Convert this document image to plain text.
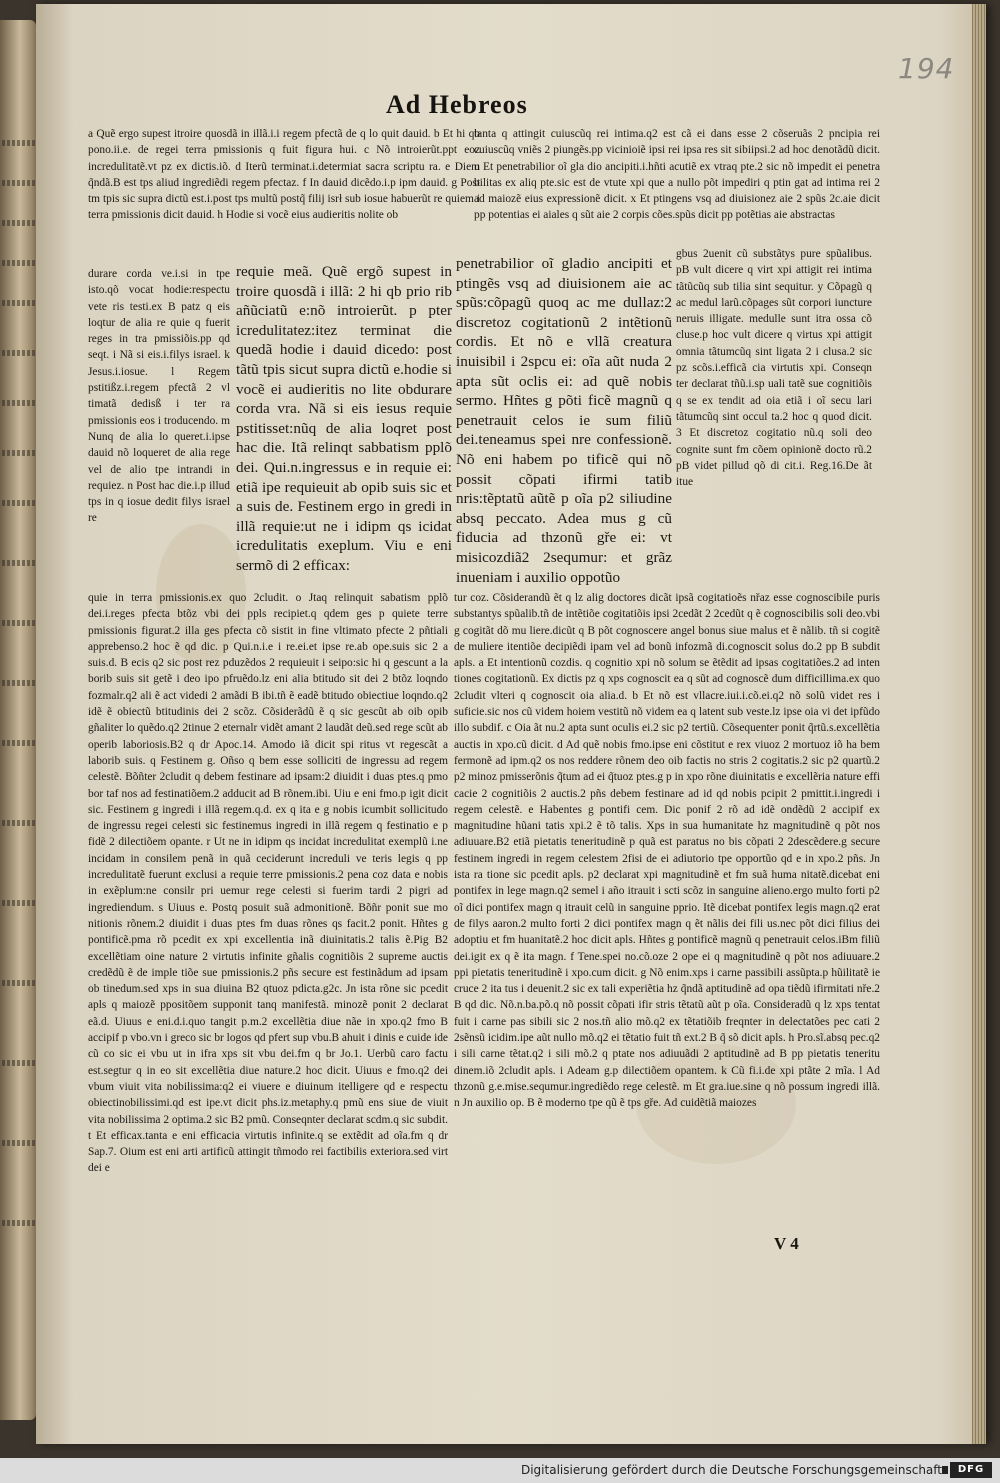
194
Ad Hebreos

a Quẽ ergo supest itroire quosdã in illã.i.i regem pfectã de q lo quit dauid. b Et hi qb pono.ii.e. de regei terra pmissionis q fuit figura hui. c Nõ introierũt.ppt eoz incredulitatẽ.vt pz ex dictis.iõ. d Iterũ terminat.i.determiat sacra scriptu ra. e Diem q̃ndã.B est tps aliud ingrediẽdi regem pfectaz. f In dauid dicẽdo.i.p ipm dauid. g Post tm tpis sic supra dictũ est.i.post tps multũ postq̃ filij isrł sub iosue habuerũt re quiem i terra pmissionis dicit dauid. h Hodie si vocẽ eius audieritis nolite ob

tanta q attingit cuiuscũq rei intima.q2 est cã ei dans esse 2 cõseruãs 2 pncipia rei cuiuscũq vniẽs 2 piungẽs.pp vicinioiẽ ipsi rei ipsa res sit sibiipsi.2 ad hoc denotãdũ dicit. u Et penetrabilior oĩ gla dio ancipiti.i.hñti acutiẽ ex vtraq pte.2 sic nõ impedit ei penetra bilitas ex aliq pte.sic est de vtute xpi que a nullo põt impediri q ptin gat ad intima rei 2 ad maiozẽ eius expressionẽ dicit. x Et ptingens vsq ad diuisionez aie 2 spũs 2c.aie dicit pp potentias ei aiales q sũt aie 2 corpis cões.spũs dicit pp potẽtias aie abstractas

durare corda ve.i.si in tpe isto.qõ vocat hodie:respectu vete ris testi.ex B patz q eis loqtur de alia re quie q fuerit reges in tra pmissiõis.pp qd seqt. i Nã si eis.i.filys israel. k Jesus.i.iosue. l Regem pstitißz.i.regem pfectã 2 vl timatã dedisß i ter ra pmissionis eos i troducendo. m Nunq de alia lo queret.i.ipse dauid nõ loqueret de alia rege vel de alio tpe intrandi in requiez. n Post hac die.i.p illud tps in q iosue dedit filys israel re

requie meã. Quẽ ergõ supest in troire quosdã i illã: 2 hi qb prio rib añũciatũ e:nõ introierũt. p pter icredulitatez:itez terminat die quedã hodie i dauid dicedo: post tãtũ tpis sicut supra dictũ e.hodie si vocẽ ei audieritis no lite obdurare corda vra. Nã si eis iesus requie pstitisset:nũq de alia loqret post hac die. Itã relinqt sabbatism pplõ dei. Qui.n.ingressus e in requie ei: etiã ipe requieuit ab opib suis sic et a suis de. Festinem ergo in gredi in illã requie:ut ne i idipm qs icidat icredulitatis exeplum. Viu e eni sermõ di 2 efficax:

penetrabilior oĩ gladio ancipiti et ptingẽs vsq ad diuisionem aie ac spũs:cõpagũ quoq ac me dullaz:2 discretoz cogitationũ 2 intẽtionũ cordis. Et nõ e vllã creatura inuisibil i 2spcu ei: oĩa aũt nuda 2 apta sũt oclis ei: ad quẽ nobis sermo. Hñtes g põti ficẽ magnũ q penetrauit celos ie sum filiũ dei.teneamus spei nre confessionẽ. Nõ eni habem po tificẽ qui nõ possit cõpati ifirmi tatib nris:tẽptatũ aũtẽ p oĩa p2 siliudine absq peccato. Adea mus g cũ fiducia ad thzonũ gře ei: vt misicozdiã2 2sequmur: et grãz inueniam i auxilio oppotũo

gbus 2uenit cũ substãtys pure spũalibus. pB vult dicere q virt xpi attigit rei intima tãtũcũq sub tilia sint sequitur. y Cõpagũ q ac medul larũ.cõpages sũt corpori iuncture neruis illigate. medulle sunt itra ossa cõ cluse.p hoc vult dicere q virtus xpi attigit omnia tãtumcũq sint ligata 2 i clusa.2 sic pz scõs.i.efficã cia virtutis xpi. Conseqn ter declarat tñũ.i.sp uali tatẽ sue cognitiõis q se ex tendit ad oia etiã i oĩ secu lari tãtumcũq sint occul ta.2 hoc q quod dicit. 3 Et discretoz cogitatio nũ.q soli deo cognite sunt fm cõem opinionẽ docto rũ.2 pB videt pillud qõ di cit.i. Reg.16.De ãt itue

quie in terra pmissionis.ex quo 2cludit. o Jtaq relinquit sabatism pplõ dei.i.reges pfecta btõz vbi dei ppls recipiet.q qdem ges p quiete terre pmissionis figurat.2 illa ges pfecta cõ sistit in fine vltimato pfecte 2 pñtiali apprebenso.2 hoc ẽ qd dic. p Qui.n.i.e i re.ei.et ipse re.ab ope.suis sic 2 a suis.d. B ecis q2 sic post rez pduzẽdos 2 requieuit i seipo:sic hi q gescunt a la borib suis sit getẽ i deo ipo pfruẽdo.lz eni alia btitudo sit dei 2 btõz loqndo fozmalr.q2 ali ẽ act videdi 2 amãdi B ibi.tñ ẽ eadẽ btitudo obiectiue loqndo.q2 idẽ ẽ obiectũ btitudinis dei 2 scõz. Cõsiderãdũ ẽ q sic gescũt ab oib opib gñaliter lo quẽdo.q2 2tinue 2 eternalr vidẽt amant 2 laudãt deũ.sed rege scũt ab operib laboriosis.B2 q dr Apoc.14. Amodo iã dicit spi ritus vt regescãt a laborib suis. q Festinem g. Oñso q bem esse solliciti de ingressu ad regem celestẽ. Bõñter 2cludit q debem festinare ad ipsam:2 diuidit i duas ptes.q pmo bor taf nos ad festinatiõem.2 adducit ad B rõnem.ibi. Uiu e eni fmo.p igit dicit sic. Festinem g ingredi i illã regem.q.d. ex q ita e g nobis icumbit sollicitudo de ingressu regei celesti sic festinemus ingredi in illã regem q festinatio e p fidẽ 2 dilectiõem opante. r Ut ne in idipm qs incidat incredulitat exemplũ i.ne incidam in consilem penã in quã ceciderunt increduli ve teris legis q pp incredulitatẽ fuerunt exclusi a requie terre pmissionis.2 pena coz data e nobis in exẽplum:ne consilr pri uemur rege celesti si fuerim tardi 2 pigri ad ingrediendum. s Uiuus e. Postq posuit suã admonitionẽ. Bõñr ponit sue mo nitionis rõnem.2 diuidit i duas ptes fm duas rõnes qs facit.2 ponit. Hñtes g pontificẽ.pma rõ pcedit ex xpi excellentia inã diuinitatis.2 talis ẽ.Pig B2 excellẽtiam oine nature 2 virtutis infinite gñalis cognitiõis 2 supreme auctis credẽdũ ẽ de imple tiõe sue pmissionis.2 pñs secure est festinãdum ad ipsam ob tinedum.sed xps in sua diuina B2 qtuoz pdicta.g2c. Jn ista rõne sic pcedit apls q maiozẽ ppositõem supponit tanq manifestã. minozẽ ponit 2 declarat eã.d. Uiuus e eni.d.i.quo tangit p.m.2 excellẽtia diue nãe in xpo.q2 fmo B accipif p vbo.vn i greco sic br logos qd pfert sup vbu.B ahuit i dinis e cuide ide cũ co sic ei vbu ut in ifra xps sit vbu dei.fm q br Jo.1. Uerbũ caro factu est.segtur q in eo sit excellẽtia diue nature.2 hoc dicit. Uiuus e fmo.q2 dei vbum viuit vita nobilissima:q2 ei viuere e diuinum itelligere qd e respectu obiectinobilissimi.qd est ipe.vt dicit phs.iz.metaphy.q pmũ ens siue de viuit vita nobilissima 2 optima.2 sic B2 pmũ. Conseqnter declarat scdm.q sic subdit. t Et efficax.tanta e eni efficacia virtutis infinite.q se extẽdit ad oĩa.fm q dr Sap.7. Oium est eni arti artificũ attingit tñmodo rei factibilis exteriora.sed virt dei e

tur coz. Cõsiderandũ ẽt q lz alig doctores dicãt ipsã cogitatioẽs nřaz esse cognoscibile puris substantys spũalib.tñ de intẽtiõe cogitatiõis ipsi 2cedãt 2 2cedũt q ẽ cognoscibilis soli deo.vbi g cogitãt dõ mu liere.dicũt q B põt cognoscere angel bonus siue malus et ẽ nãlib. tñ si cogitẽ de muliere itentiõe decipiẽdi ipam vel ad bonũ infozmã di.cognoscit solus do.2 pp B subdit apls. a Et intentionũ cozdis. q cognitio xpi nõ solum se ẽtẽdit ad ipsas cogitatiões.2 ad inten tiones cogitationũ. Ex dictis pz q xps cognoscit ea q sũt ad cognoscẽ dum difficillima.ex quo 2cludit vlteri q cognoscit oia alia.d. b Et nõ est vllacre.iui.i.cõ.ei.q2 nõ solũ videt res i suficie.sic nos cũ videm hoiem vestitũ nõ videm ea q latent sub veste.lz ipse oia vi det ipfũdo illo subdif. c Oia ãt nu.2 apta sunt oculis ei.2 sic p2 tertiũ. Cõsequenter ponit q̃rtũ.s.excellẽtia auctis in xpo.cũ dicit. d Ad quẽ nobis fmo.ipse eni cõstitut e rex viuoz 2 mortuoz iõ ha bem fermonẽ ad ipm.q2 os nos reddere rõnem deo oib factis no stris 2 cogitatis.2 sic p2 quartũ.2 p2 minoz pmisserõnis q̃tum ad ei q̃tuoz ptes.g p in xpo rõne diuinitatis e excellẽria nature effi cacie 2 cognitiõis 2 auctis.2 pñs debem festinare ad id qd nobis pcipit 2 pmittit.i.ingredi i regem celestẽ. e Habentes g pontifi cem. Dic ponif 2 rõ ad idẽ ondẽdũ 2 accipif ex magnitudine hũani tatis xpi.2 ẽ tõ talis. Xps in sua humanitate hz magnitudinẽ q põt nos adiuuare.B2 etiã pietatis teneritudinẽ p quã est paratus no bis cõpati 2 2descẽdere.g secure festinem ingredi in regem celestem 2fisi de ei adiutorio tpe opportũo qd e in xpo.2 pñs. Jn ista ra tione sic pcedit apls. p2 declarat xpi magnitudinẽ et fm suã huma nitatẽ.dicebat eni pontifex in lege magn.q2 semel i año itrauit i scti scõz in sanguine alieno.ergo multo forti p2 oĩ dici pontifex magn q itrauit celũ in sanguine pprio. Itẽ dicebat pontifex legis magn.q2 erat de filys aaron.2 multo forti 2 dici pontifex magn q ẽt nãlis dei fili us.nec põt dici filius dei adoptiu et fm huanitatẽ.2 hoc dicit apls. Hñtes g pontificẽ magnũ q penetrauit celos.iBm filiũ dei.igit ex q ẽ ita magn. f Tene.spei no.cõ.oze 2 ope ei q magnitudinẽ q põt nos adiuuare.2 ppi pietatis teneritudinẽ i xpo.cum dicit. g Nõ enim.xps i carne passibili assũpta.p hũilitatẽ ie cruce 2 ita tus i deuenit.2 sic ex tali experiẽtia hz q̃ndã aptitudinẽ ad opa tiẽdũ ifirmitati nře.2 B qd dic. Nõ.n.ba.põ.q nõ possit cõpati ifir stris tẽtatũ aũt p oĩa. Consideradũ q lz xps tentat fuit i carne pas sibili sic 2 nos.tñ alio mõ.q2 ex tẽtatiõib freqnter in delectatões pec cati 2 2sẽnsũ icidim.ipe aũt nullo mõ.q2 ei tẽtatio fuit tñ ext.2 B q̃ sõ dicit apls. h Pro.sĩ.absq pec.q2 i sili carne tẽtat.q2 i sili mõ.2 q ptate nos adiuuãdi 2 aptitudinẽ ad B pp pietatis teneritu dinem.iõ 2cludit apls. i Adeam g.p dilectiõem opantem. k Cũ fi.i.de xpi ptãte 2 mĩa. l Ad thzonũ g.e.mise.sequmur.ingrediẽdo rege celestẽ. m Et gra.iue.sine q nõ possum ingredi illã. n Jn auxilio op. B ẽ moderno tpe qũ ẽ tps gře. Ad cuidẽtiã maiozes

V 4
Digitalisierung gefördert durch die Deutsche Forschungsgemeinschaft	DFG
